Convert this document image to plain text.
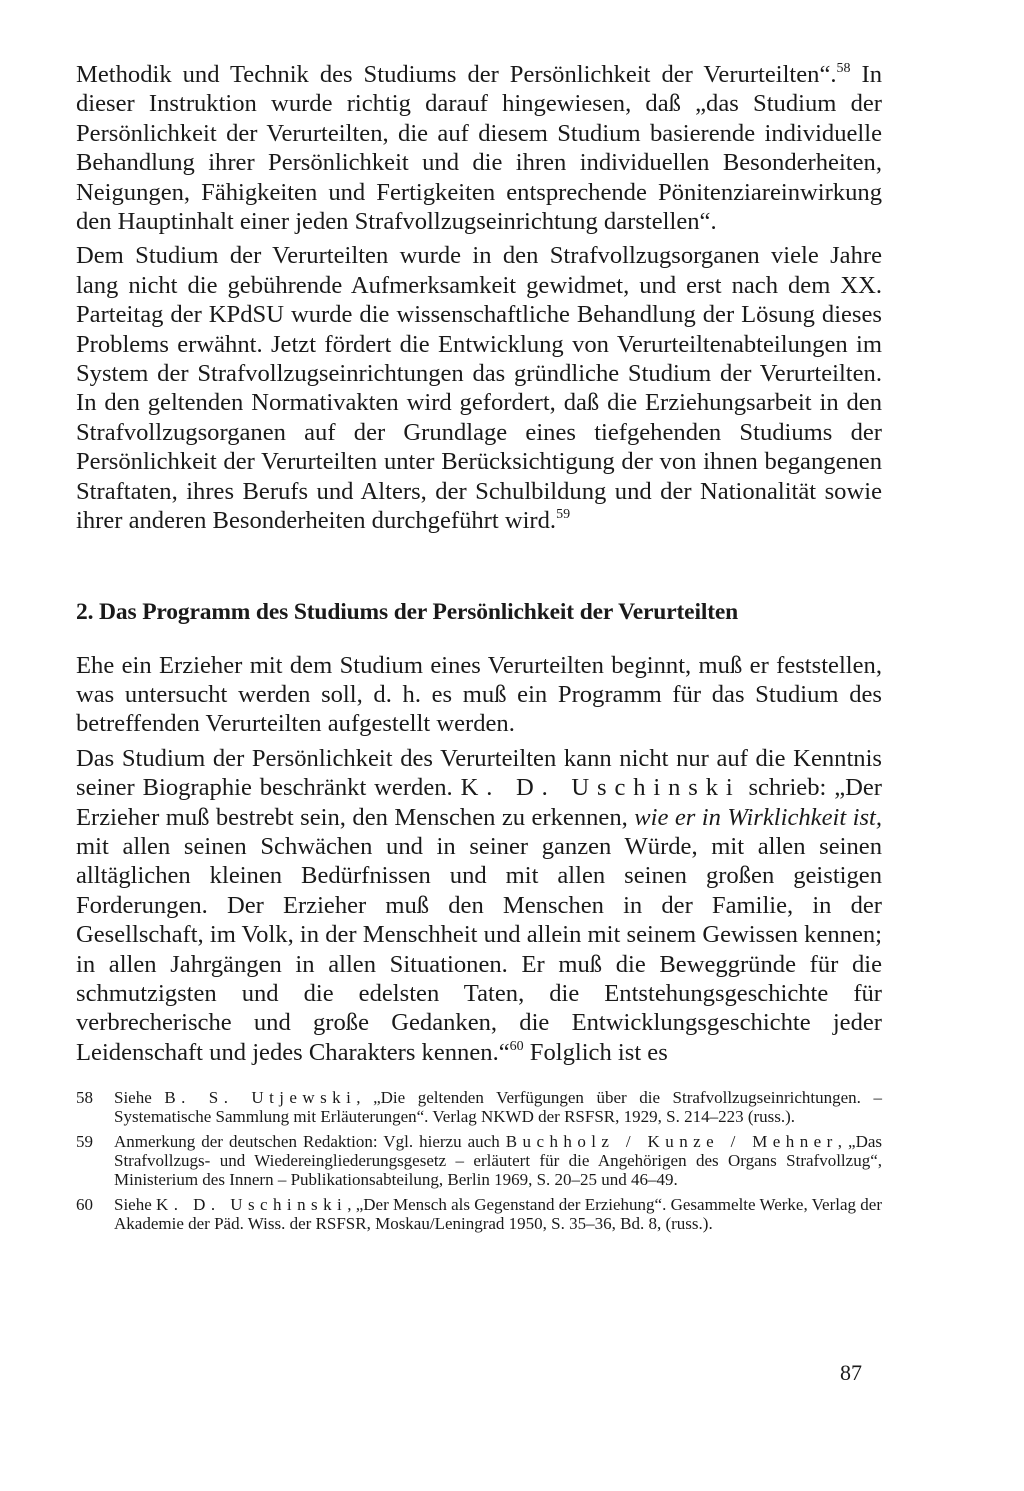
Methodik und Technik des Studiums der Persönlichkeit der Verurteilten“.$^{58}$ In dieser Instruktion wurde richtig darauf hingewiesen, daß „das Studium der Persönlichkeit der Verurteilten, die auf diesem Studium basierende individuelle Behandlung ihrer Persönlichkeit und die ihren individuellen Besonderheiten, Neigungen, Fähigkeiten und Fertigkeiten entsprechende Pönitenziareinwirkung den Hauptinhalt einer jeden Strafvollzugseinrichtung darstellen“.

Dem Studium der Verurteilten wurde in den Strafvollzugsorganen viele Jahre lang nicht die gebührende Aufmerksamkeit gewidmet, und erst nach dem XX. Parteitag der KPdSU wurde die wissenschaftliche Behandlung der Lösung dieses Problems erwähnt. Jetzt fördert die Entwicklung von Verurteiltenabteilungen im System der Strafvollzugseinrichtungen das gründliche Studium der Verurteilten. In den geltenden Normativakten wird gefordert, daß die Erziehungsarbeit in den Strafvollzugsorganen auf der Grundlage eines tiefgehenden Studiums der Persönlichkeit der Verurteilten unter Berücksichtigung der von ihnen begangenen Straftaten, ihres Berufs und Alters, der Schulbildung und der Nationalität sowie ihrer anderen Besonderheiten durchgeführt wird.$^{59}$

2. Das Programm des Studiums der Persönlichkeit der Verurteilten

Ehe ein Erzieher mit dem Studium eines Verurteilten beginnt, muß er feststellen, was untersucht werden soll, d. h. es muß ein Programm für das Studium des betreffenden Verurteilten aufgestellt werden.

Das Studium der Persönlichkeit des Verurteilten kann nicht nur auf die Kenntnis seiner Biographie beschränkt werden. K. D. Uschinski schrieb: „Der Erzieher muß bestrebt sein, den Menschen zu erkennen, wie er in Wirklichkeit ist, mit allen seinen Schwächen und in seiner ganzen Würde, mit allen seinen alltäglichen kleinen Bedürfnissen und mit allen seinen großen geistigen Forderungen. Der Erzieher muß den Menschen in der Familie, in der Gesellschaft, im Volk, in der Menschheit und allein mit seinem Gewissen kennen; in allen Jahrgängen in allen Situationen. Er muß die Beweggründe für die schmutzigsten und die edelsten Taten, die Entstehungsgeschichte für verbrecherische und große Gedanken, die Entwicklungsgeschichte jeder Leidenschaft und jedes Charakters kennen.“$^{60}$ Folglich ist es

58	Siehe B. S. Utjewski, „Die geltenden Verfügungen über die Strafvollzugseinrichtungen. – Systematische Sammlung mit Erläuterungen“. Verlag NKWD der RSFSR, 1929, S. 214–223 (russ.).
59	Anmerkung der deutschen Redaktion: Vgl. hierzu auch Buchholz / Kunze / Mehner, „Das Strafvollzugs- und Wiedereingliederungsgesetz – erläutert für die Angehörigen des Organs Strafvollzug“, Ministerium des Innern – Publikationsabteilung, Berlin 1969, S. 20–25 und 46–49.
60	Siehe K. D. Uschinski, „Der Mensch als Gegenstand der Erziehung“. Gesammelte Werke, Verlag der Akademie der Päd. Wiss. der RSFSR, Moskau/Leningrad 1950, S. 35–36, Bd. 8, (russ.).
87
